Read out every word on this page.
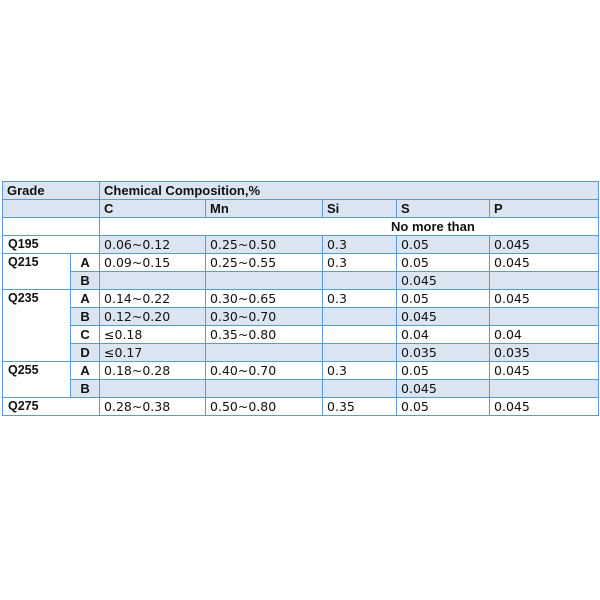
Grade		Chemical Composition,%				
		C	Mn	Si	S	P
		No more than				
Q195		0.06~0.12	0.25~0.50	0.3	0.05	0.045
Q215	A	0.09~0.15	0.25~0.55	0.3	0.05	0.045
	B				0.045	
Q235	A	0.14~0.22	0.30~0.65	0.3	0.05	0.045
	B	0.12~0.20	0.30~0.70		0.045	
	C	≤0.18	0.35~0.80		0.04	0.04
	D	≤0.17			0.035	0.035
Q255	A	0.18~0.28	0.40~0.70	0.3	0.05	0.045
	B				0.045	
Q275		0.28~0.38	0.50~0.80	0.35	0.05	0.045
